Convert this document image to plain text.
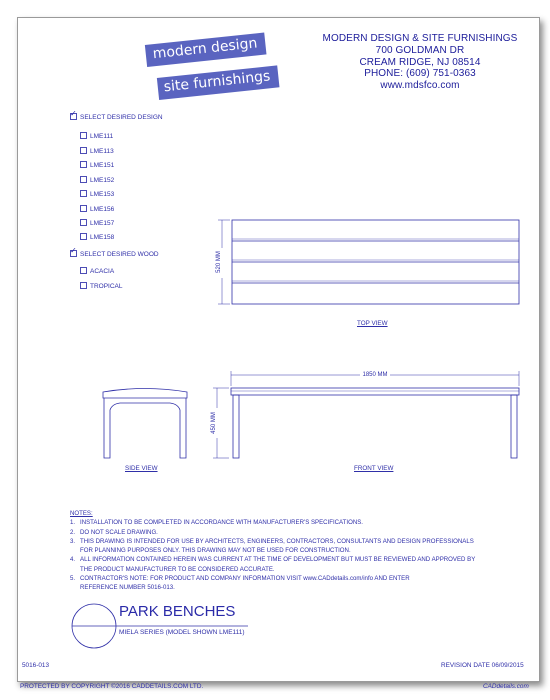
modern design
site furnishings
MODERN DESIGN & SITE FURNISHINGS
700 GOLDMAN DR
CREAM RIDGE, NJ 08514
PHONE: (609) 751-0363
www.mdsfco.com
✓SELECT DESIRED DESIGN
LME111
LME113
LME151
LME152
LME153
LME156
LME157
LME158
✓SELECT DESIRED WOOD
ACACIA
TROPICAL
520 MM
1850 MM
450 MM
TOP VIEW
SIDE VIEW	FRONT VIEW
NOTES:
1. INSTALLATION TO BE COMPLETED IN ACCORDANCE WITH MANUFACTURER'S SPECIFICATIONS.
2. DO NOT SCALE DRAWING.
3. THIS DRAWING IS INTENDED FOR USE BY ARCHITECTS, ENGINEERS, CONTRACTORS, CONSULTANTS AND DESIGN PROFESSIONALS
FOR PLANNING PURPOSES ONLY. THIS DRAWING MAY NOT BE USED FOR CONSTRUCTION.
4. ALL INFORMATION CONTAINED HEREIN WAS CURRENT AT THE TIME OF DEVELOPMENT BUT MUST BE REVIEWED AND APPROVED BY
THE PRODUCT MANUFACTURER TO BE CONSIDERED ACCURATE.
5. CONTRACTOR'S NOTE: FOR PRODUCT AND COMPANY INFORMATION VISIT www.CADdetails.com/info AND ENTER
REFERENCE NUMBER 5016-013.
PARK BENCHES
MIELA SERIES (MODEL SHOWN LME111)
5016-013	REVISION DATE 06/09/2015
PROTECTED BY COPYRIGHT ©2016 CADDETAILS.COM LTD.	CADdetails.com
